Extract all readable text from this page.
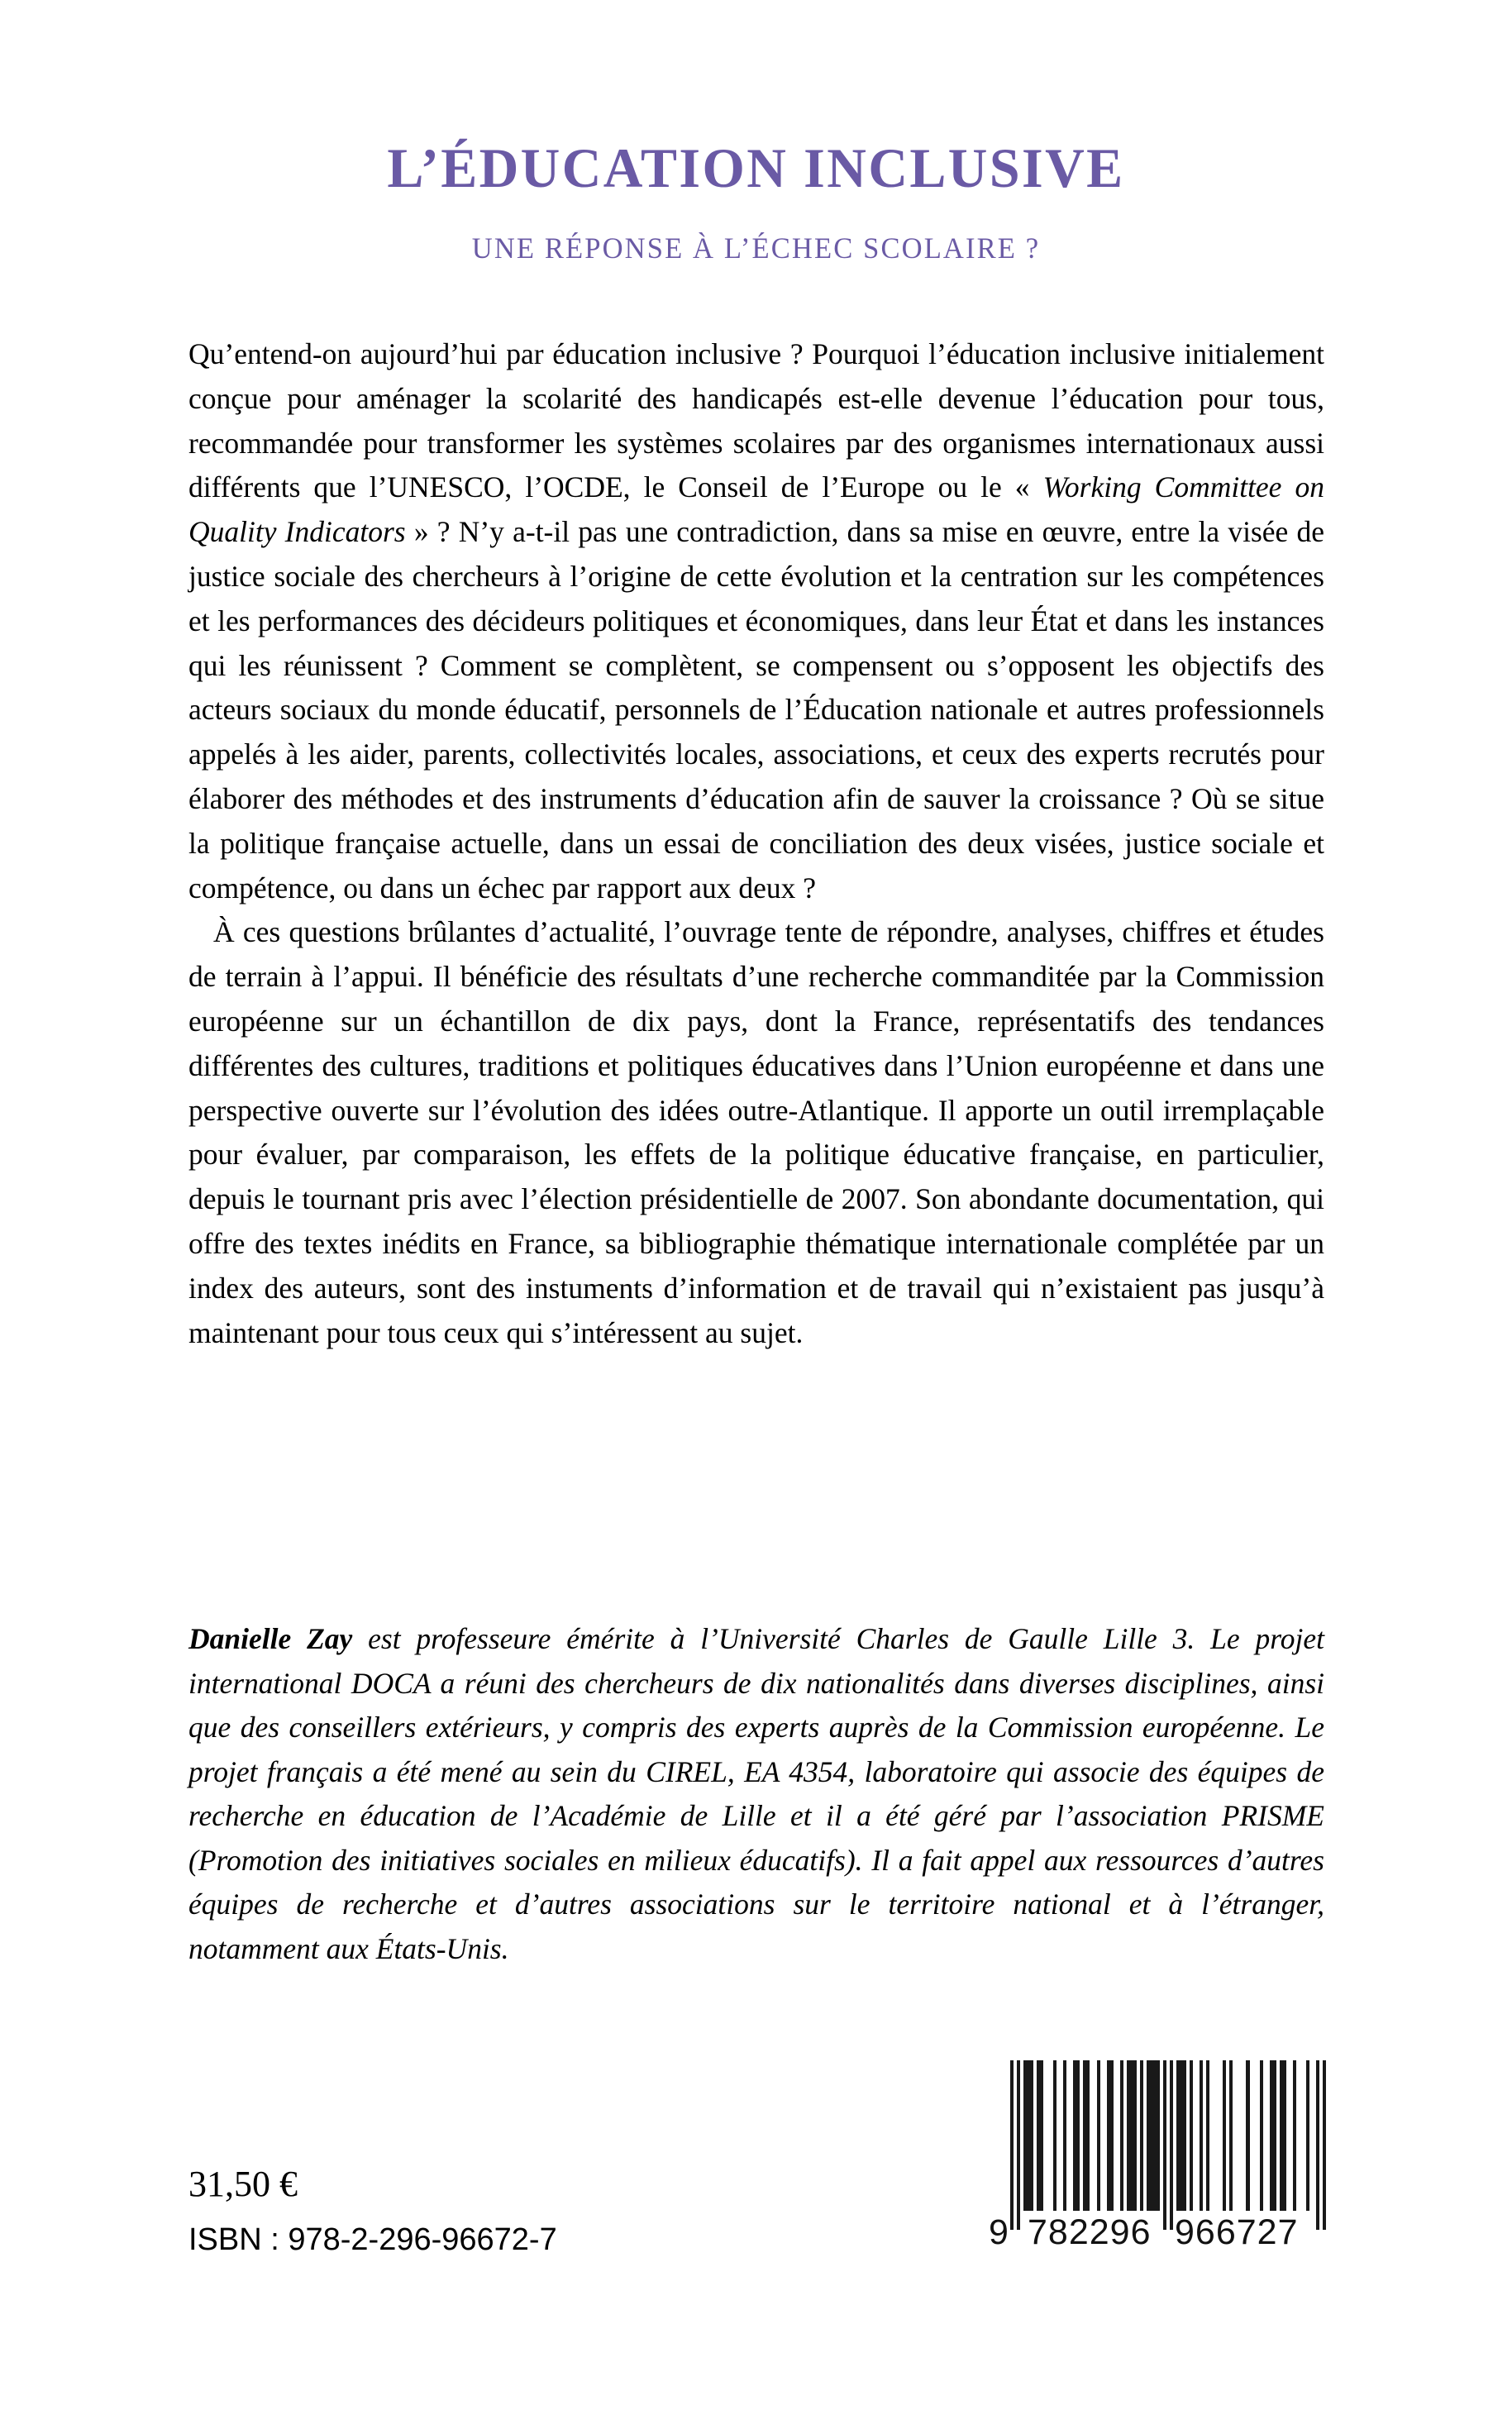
L’ÉDUCATION INCLUSIVE
UNE RÉPONSE À L’ÉCHEC SCOLAIRE ?

Qu’entend-on aujourd’hui par éducation inclusive ? Pourquoi l’éducation inclusive initialement conçue pour aménager la scolarité des handicapés est-elle devenue l’éducation pour tous, recommandée pour transformer les systèmes scolaires par des organismes internationaux aussi différents que l’UNESCO, l’OCDE, le Conseil de l’Europe ou le « Working Committee on Quality Indicators » ? N’y a-t-il pas une contradiction, dans sa mise en œuvre, entre la visée de justice sociale des chercheurs à l’origine de cette évolution et la centration sur les compétences et les performances des décideurs politiques et économiques, dans leur État et dans les instances qui les réunissent ? Comment se complètent, se compensent ou s’opposent les objectifs des acteurs sociaux du monde éducatif, personnels de l’Éducation nationale et autres professionnels appelés à les aider, parents, collectivités locales, associations, et ceux des experts recrutés pour élaborer des méthodes et des instruments d’éducation afin de sauver la croissance ? Où se situe la politique française actuelle, dans un essai de conciliation des deux visées, justice sociale et compétence, ou dans un échec par rapport aux deux ?

À ces questions brûlantes d’actualité, l’ouvrage tente de répondre, analyses, chiffres et études de terrain à l’appui. Il bénéficie des résultats d’une recherche commanditée par la Commission européenne sur un échantillon de dix pays, dont la France, représentatifs des tendances différentes des cultures, traditions et politiques éducatives dans l’Union européenne et dans une perspective ouverte sur l’évolution des idées outre-Atlantique. Il apporte un outil irremplaçable pour évaluer, par comparaison, les effets de la politique éducative française, en particulier, depuis le tournant pris avec l’élection présidentielle de 2007. Son abondante documentation, qui offre des textes inédits en France, sa bibliographie thématique internationale complétée par un index des auteurs, sont des instuments d’information et de travail qui n’existaient pas jusqu’à maintenant pour tous ceux qui s’intéressent au sujet.

Danielle Zay est professeure émérite à l’Université Charles de Gaulle Lille 3. Le projet international DOCA a réuni des chercheurs de dix nationalités dans diverses disciplines, ainsi que des conseillers extérieurs, y compris des experts auprès de la Commission européenne. Le projet français a été mené au sein du CIREL, EA 4354, laboratoire qui associe des équipes de recherche en éducation de l’Académie de Lille et il a été géré par l’association PRISME (Promotion des initiatives sociales en milieux éducatifs). Il a fait appel aux ressources d’autres équipes de recherche et d’autres associations sur le territoire national et à l’étranger, notamment aux États-Unis.

31,50 €
ISBN : 978-2-296-96672-7

	9

782296

966727
